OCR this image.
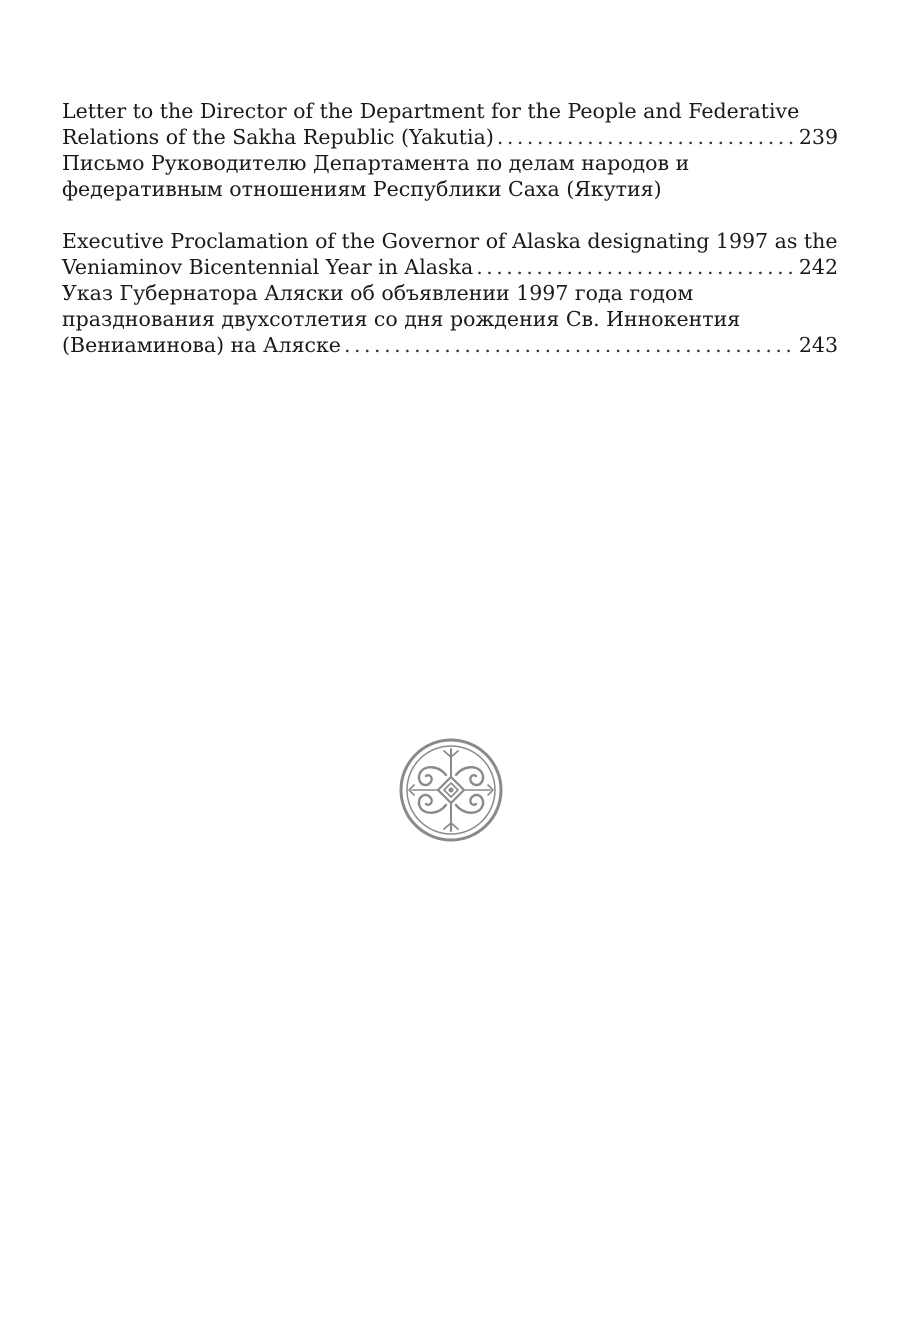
Letter to the Director of the Department for the People and Federative
Relations of the Sakha Republic (Yakutia) . . .	239
Письмо Руководителю Департамента по делам народов и
федеративным отношениям Республики Саха (Якутия)
Executive Proclamation of the Governor of Alaska designating 1997 as the
Veniaminov Bicentennial Year in Alaska . . .	242
Указ Губернатора Аляски об объявлении 1997 года годом
празднования двухсотлетия со дня рождения Св. Иннокентия
(Вениаминова) на Аляске . . .	243
